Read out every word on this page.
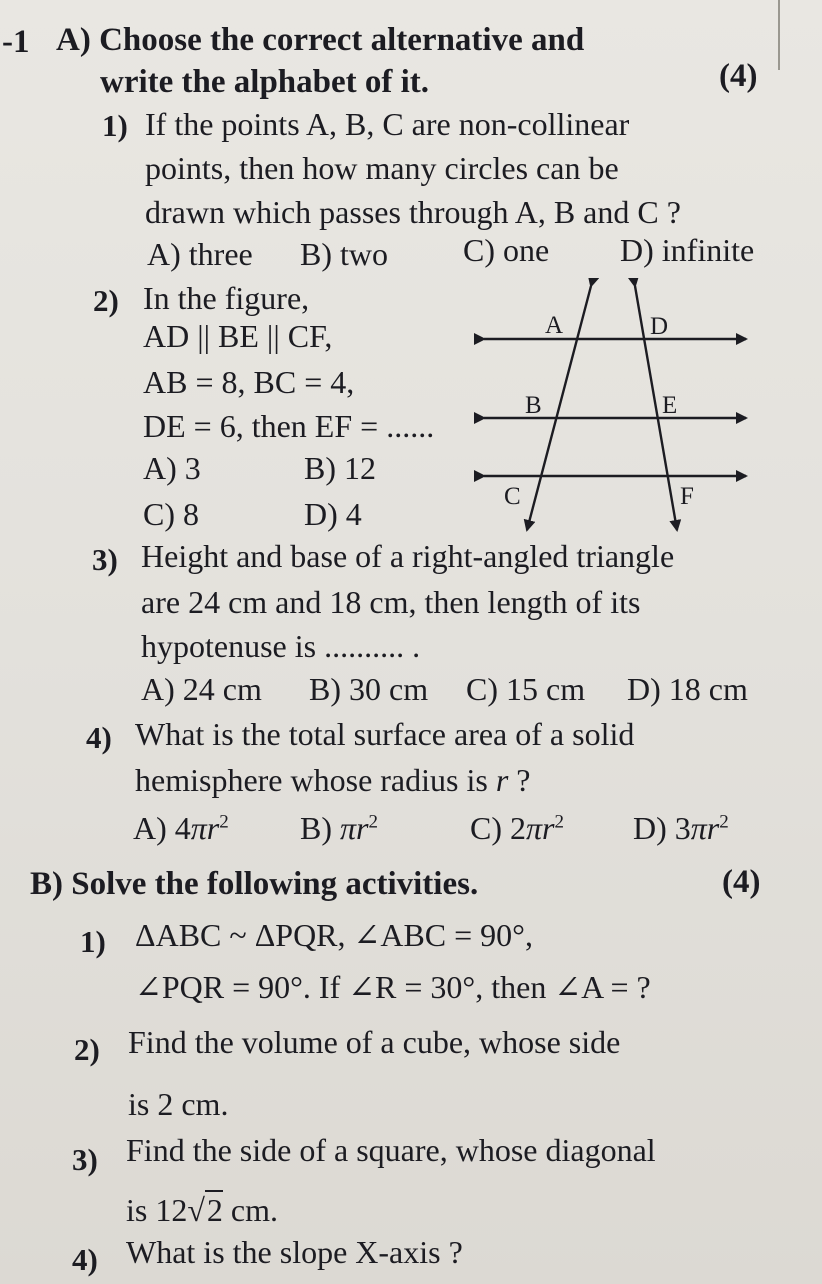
-1 A) Choose the correct alternative and
write the alphabet of it.	(4)
1) If the points A, B, C are non-collinear
points, then how many circles can be
drawn which passes through A, B and C ?
A) three B) two C) one D) infinite
2) In the figure,
AD || BE || CF,
AB = 8, BC = 4,
DE = 6, then EF = ......
A) 3	B) 12
C) 8	D) 4
A	D
B	E
C	F
3) Height and base of a right-angled triangle
are 24 cm and 18 cm, then length of its
hypotenuse is .......... .
A) 24 cm B) 30 cm C) 15 cm D) 18 cm
4) What is the total surface area of a solid
hemisphere whose radius is r ?
A) $4\pi r^2$ B) $\pi r^2$	C) $2\pi r^2$ D) $3\pi r^2$
B) Solve the following activities.	(4)
1) ΔABC ~ ΔPQR, ∠ABC = 90°,
∠PQR = 90°. If ∠R = 30°, then ∠A = ?
2) Find the volume of a cube, whose side
is 2 cm.
3) Find the side of a square, whose diagonal
is 12√2 cm.
4) What is the slope X-axis ?
